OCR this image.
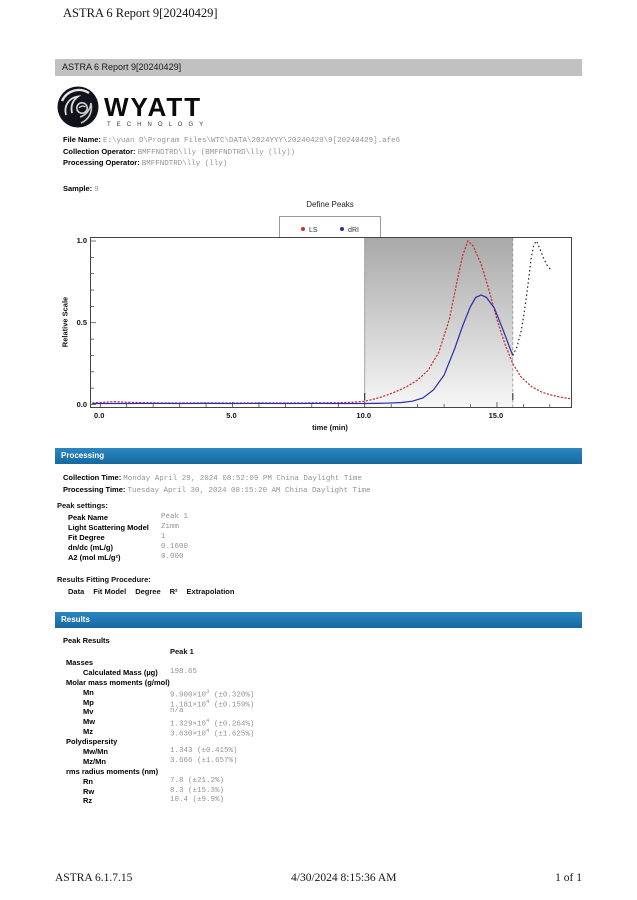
ASTRA 6 Report 9[20240429]
ASTRA 6 Report 9[20240429]
WYATT
T E C H N O L O G Y
File Name: E:\yuan D\Program Files\WTC\DATA\2024YYY\20240429\9[20240429].afe6
Collection Operator: BMFFNDTRD\lly (BMFFNDTRD\lly (lly))
Processing Operator: BMFFNDTRD\lly (lly)
Sample: 9
Define Peaks
LS	dRI
Relative Scale
time (min)
0.0	5.0	10.0	15.0
0.0
0.5
1.0
Processing
Collection Time: Monday April 29, 2024 08:52:09 PM China Daylight Time
Processing Time: Tuesday April 30, 2024 08:15:20 AM China Daylight Time
Peak settings:
Peak Name	Peak 1
Light Scattering Model Zimm
Fit Degree	1
dn/dc (mL/g)	0.1600
A2 (mol mL/g²)	0.000
Results Fitting Procedure:
Data Fit Model Degree R² Extrapolation
Results
Peak Results
Peak 1
Masses
Calculated Mass (µg) 198.65
Molar mass moments (g/mol)
Mn	$9.900\times 10^3$ (±0.320%)
Mp	$1.181\times 10^4$ (±0.159%)
Mv	n/a
Mw	$1.329\times 10^4$ (±0.264%)
Mz	$3.630\times 10^4$ (±1.625%)
Polydispersity
Mw/Mn	1.343 (±0.415%)
Mz/Mn	3.666 (±1.657%)
rms radius moments (nm)
Rn	7.8 (±21.2%)
Rw	8.3 (±15.3%)
Rz	10.4 (±9.9%)
ASTRA 6.1.7.15	4/30/2024 8:15:36 AM	1 of 1
